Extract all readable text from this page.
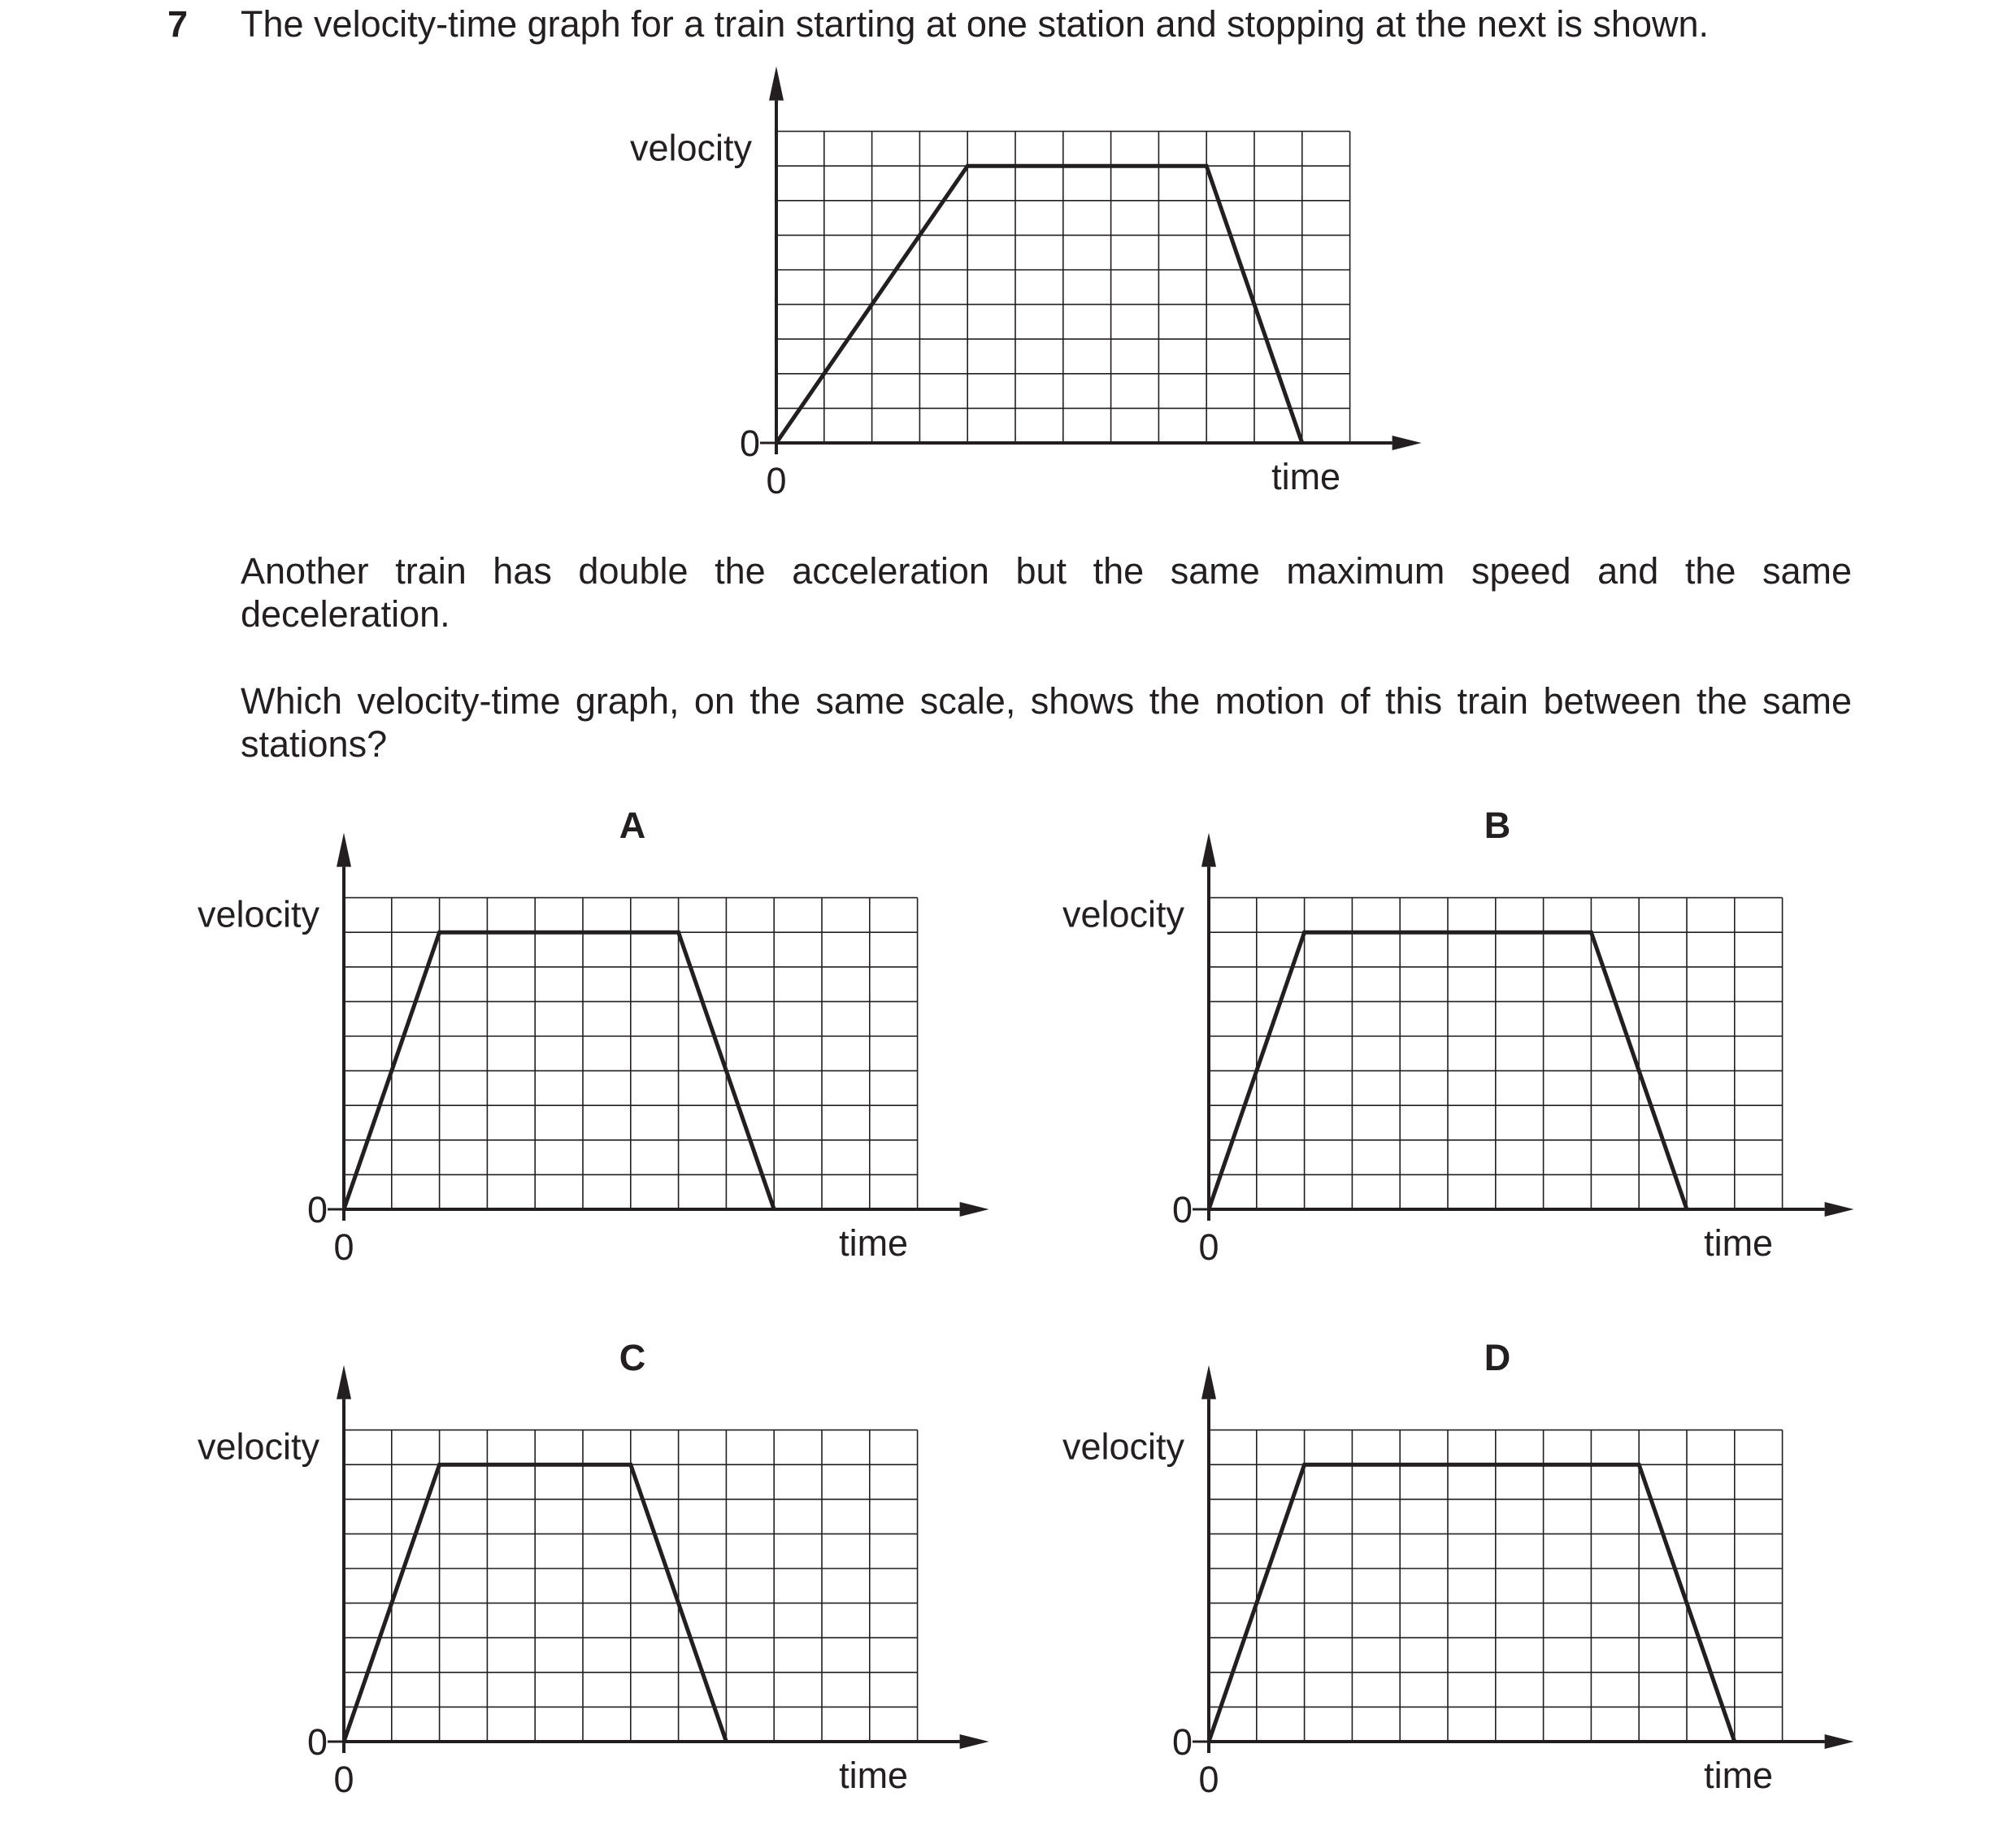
7 The velocity-time graph for a train starting at one station and stopping at the next is shown.
velocity
time
0
0

Another train has double the acceleration but the same maximum speed and the same deceleration.

Which velocity-time graph, on the same scale, shows the motion of this train between the same stations?

A	B
C	D
velocity
time
0
0
velocity
time
0
0
velocity
time
0
0
velocity
time
0
0
